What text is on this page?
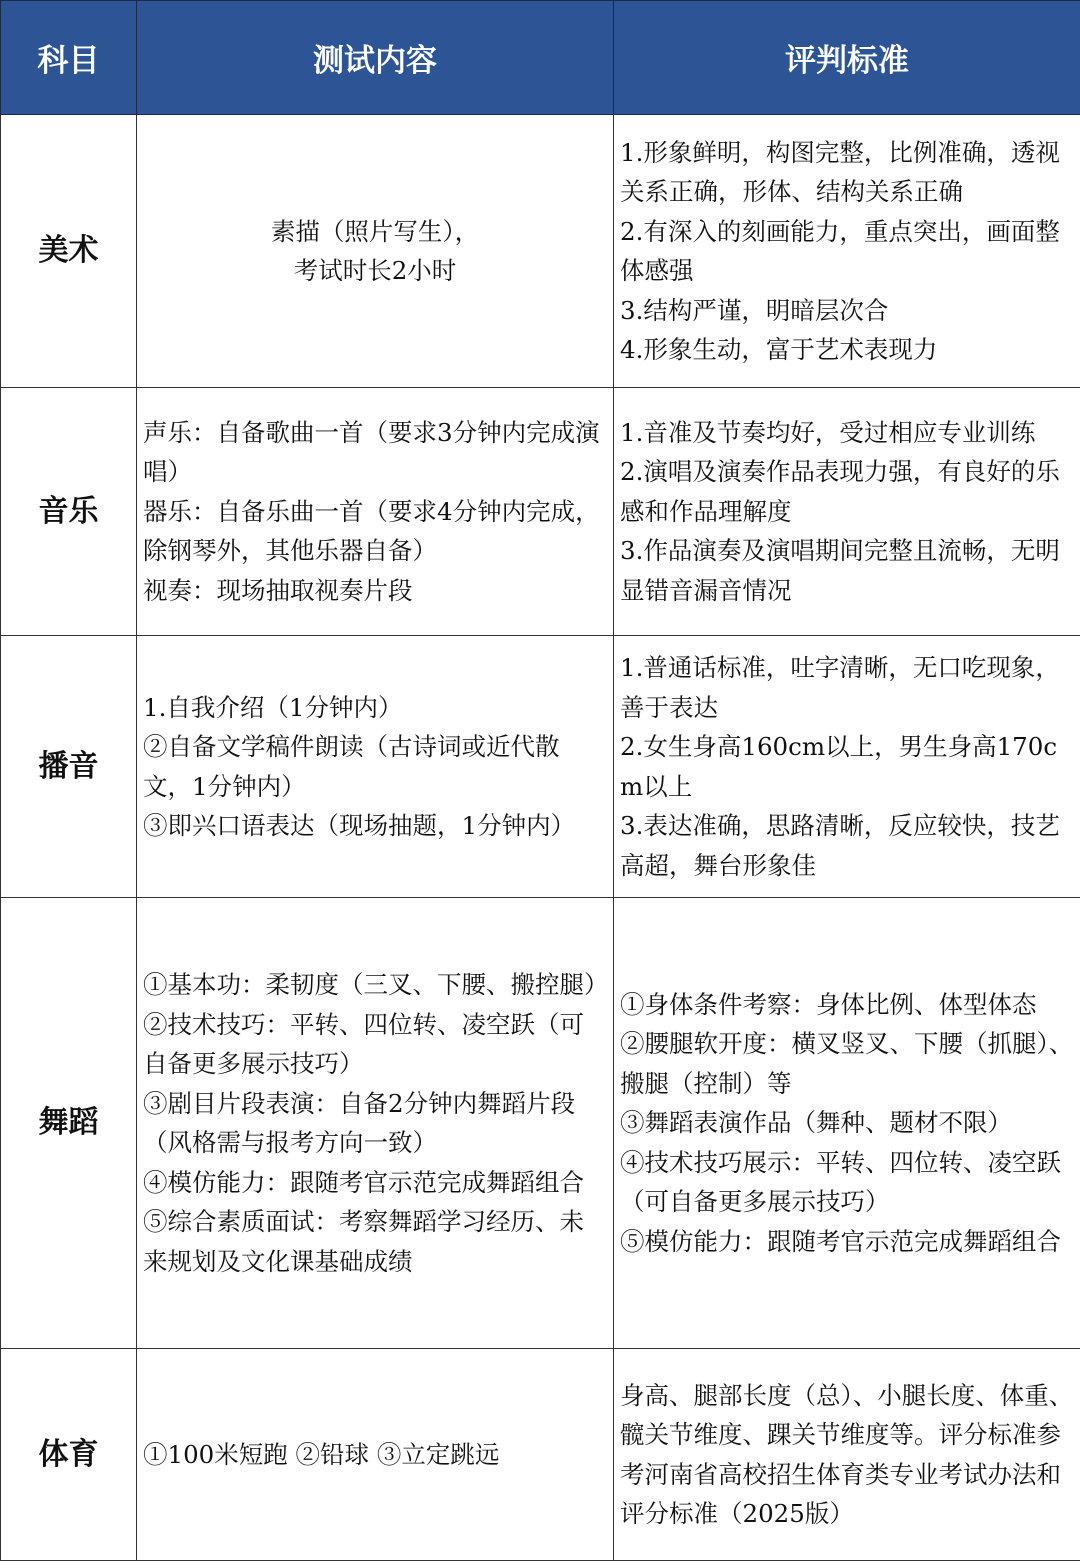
科目	测试内容	评判标准
美术	素描（照片写生），
考试时长2小时	1.形象鲜明，构图完整，比例准确，透视关系正确，形体、结构关系正确
2.有深入的刻画能力，重点突出，画面整体感强
3.结构严谨，明暗层次合
4.形象生动，富于艺术表现力

音乐	声乐：自备歌曲一首（要求3分钟内完成演唱）
器乐：自备乐曲一首（要求4分钟内完成，除钢琴外，其他乐器自备）
视奏：现场抽取视奏片段	1.音准及节奏均好，受过相应专业训练
2.演唱及演奏作品表现力强，有良好的乐感和作品理解度
3.作品演奏及演唱期间完整且流畅，无明显错音漏音情况

播音	1.自我介绍（1分钟内）
②自备文学稿件朗读（古诗词或近代散文，1分钟内）
③即兴口语表达（现场抽题，1分钟内）	1.普通话标准，吐字清晰，无口吃现象，善于表达
2.女生身高160cm以上，男生身高170cm以上
3.表达准确，思路清晰，反应较快，技艺高超，舞台形象佳

舞蹈	①基本功：柔韧度（三叉、下腰、搬控腿）
②技术技巧：平转、四位转、凌空跃（可自备更多展示技巧）
③剧目片段表演：自备2分钟内舞蹈片段（风格需与报考方向一致）
④模仿能力：跟随考官示范完成舞蹈组合
⑤综合素质面试：考察舞蹈学习经历、未来规划及文化课基础成绩	①身体条件考察：身体比例、体型体态
②腰腿软开度：横叉竖叉、下腰（抓腿）、搬腿（控制）等
③舞蹈表演作品（舞种、题材不限）
④技术技巧展示：平转、四位转、凌空跃（可自备更多展示技巧）
⑤模仿能力：跟随考官示范完成舞蹈组合

体育	①100米短跑 ②铅球 ③立定跳远	身高、腿部长度（总）、小腿长度、体重、髋关节维度、踝关节维度等。评分标准参考河南省高校招生体育类专业考试办法和评分标准（2025版）
